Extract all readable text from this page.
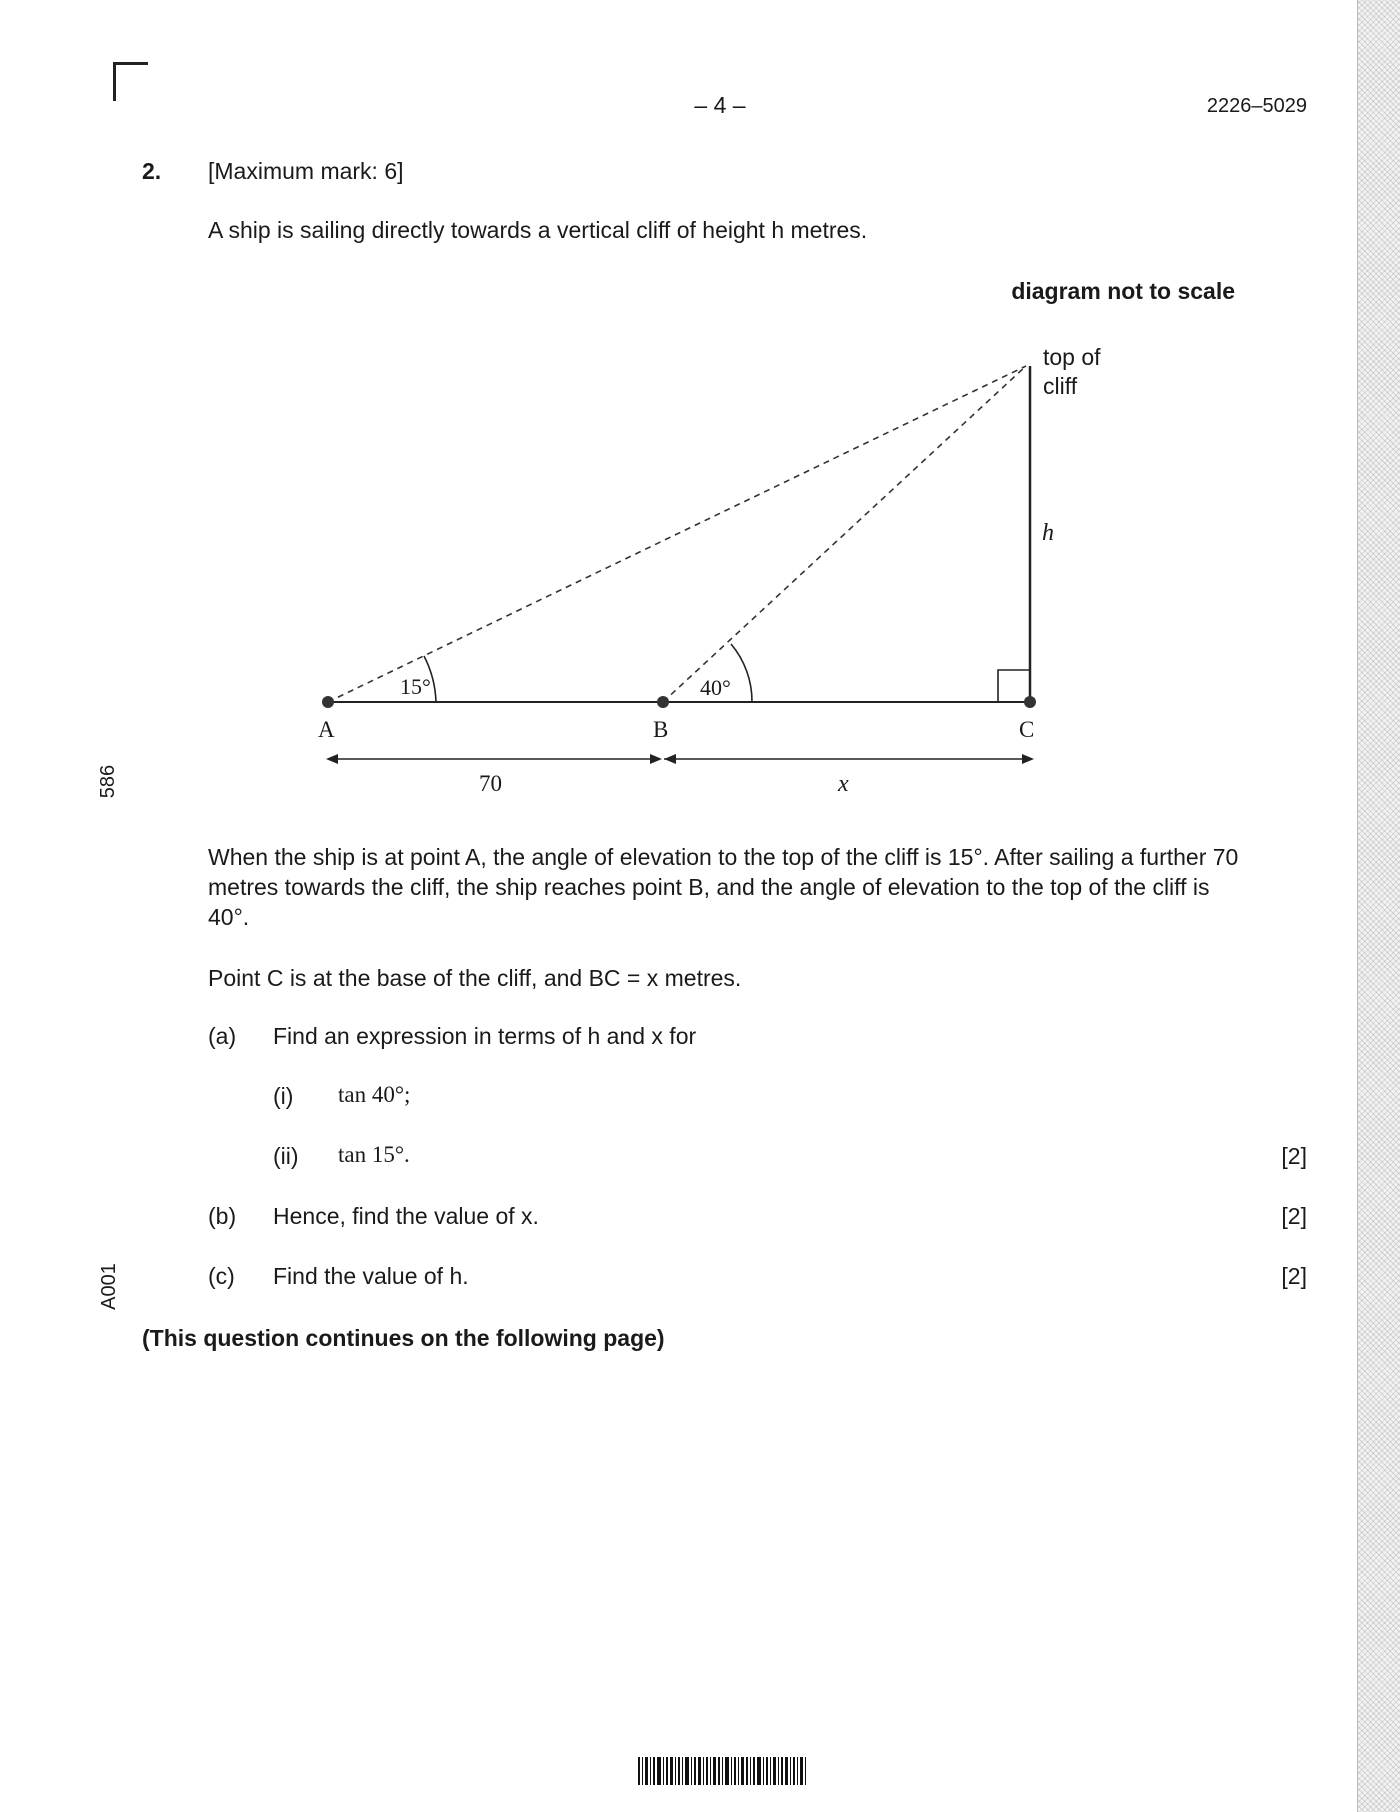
– 4 –	2226–5029
586
A001
2. [Maximum mark: 6]
A ship is sailing directly towards a vertical cliff of height h metres.
diagram not to scale
top of
cliff
h
15°	40°
A	B	C
70	x
When the ship is at point A, the angle of elevation to the top of the cliff is 15°. After sailing a further 70 metres towards the cliff, the ship reaches point B, and the angle of elevation to the top of the cliff is 40°.
Point C is at the base of the cliff, and BC = x metres.
(a) Find an expression in terms of h and x for
(i) tan 40°;
(ii) tan 15°.	[2]
(b) Hence, find the value of x.	[2]
(c) Find the value of h.	[2]
(This question continues on the following page)
